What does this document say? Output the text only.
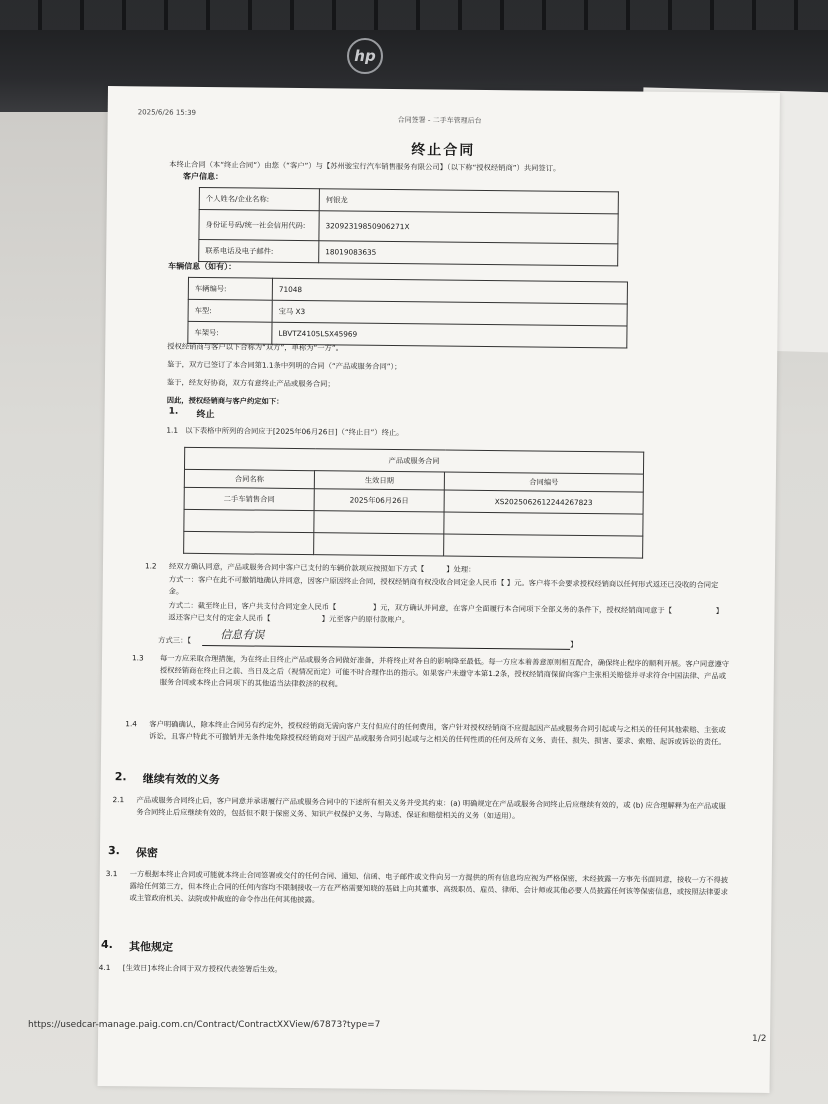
hp
2025/6/26 15:39
合同签署 - 二手车管理后台
终止合同
本终止合同（本“终止合同”）由您（“客户”）与【苏州骏宝行汽车销售服务有限公司】（以下称“授权经销商”）共同签订。
客户信息：
个人姓名/企业名称:	何银龙
身份证号码/统一社会信用代码:	320923198509062​71X
联系电话及电子邮件:	18019083635
车辆信息（如有）：
车辆编号:	71048
车型:	宝马 X3
车架号:	LBVTZ4105LSX45969
授权经销商与客户以下合称为“双方”，单称为“一方”。
鉴于，双方已签订了本合同第1.1条中列明的合同（“产品或服务合同”）；
鉴于，经友好协商，双方有意终止产品或服务合同；
因此，授权经销商与客户约定如下：
1. 终止
1.1　以下表格中所列的合同应于[2025年06月26日]（“终止日”）终止。
产品或服务合同		
合同名称	生效日期	合同编号
二手车销售合同	2025年06月26日	XS20250626122442678​23

1.2 经双方确认同意，产品或服务合同中客户已支付的车辆价款项应按照如下方式【　　　】处理：
方式一：客户在此不可撤销地确认并同意，因客户原因终止合同，授权经销商有权没收合同定金人民币【 】元。客户将不会要求授权经销商以任何形式返还已没收的合同定金。
方式二：截至终止日，客户共支付合同定金人民币【　　　　　】元，双方确认并同意，在客户全面履行本合同项下全部义务的条件下，授权经销商同意于【　　　　　　】返还客户已支付的定金人民币【　　　　　　　】元至客户的原付款账户。
方式三：【	信息有误
】
1.3 每一方应采取合理措施，为在终止日终止产品或服务合同做好准备，并将终止对各自的影响降至最低。每一方应本着善意原则相互配合，确保终止程序的顺利开展。客户同意遵守授权经销商在终止日之前、当日及之后（视情况而定）可能不时合理作出的指示。如果客户未遵守本第1.2条，授权经销商保留向客户主张相关赔偿并寻求符合中国法律、产品或服务合同或本终止合同项下的其他适当法律救济的权利。
1.4 客户明确确认，除本终止合同另有约定外，授权经销商无需向客户支付但应付的任何费用，客户针对授权经销商不应提起因产品或服务合同引起或与之相关的任何其他索赔、主张或诉讼，且客户特此不可撤销并无条件地免除授权经销商对于因产品或服务合同引起或与之相关的任何性质的任何及所有义务、责任、损失、损害、要求、索赔、起诉或诉讼的责任。
2. 继续有效的义务
2.1 产品或服务合同终止后，客户同意并承诺履行产品或服务合同中的下述所有相关义务并受其约束：(a) 明确规定在产品或服务合同终止后应继续有效的，或 (b) 应合理解释为在产品或服务合同终止后应继续有效的，包括但不限于保密义务、知识产权保护义务、与陈述、保证和赔偿相关的义务（如适用）。
3. 保密
3.1 一方根据本终止合同或可能就本终止合同签署或交付的任何合同、通知、信函、电子邮件或文件向另一方提供的所有信息均应视为严格保密，未经披露一方事先书面同意，接收一方不得披露给任何第三方，但本终止合同的任何内容均不限制接收一方在严格需要知晓的基础上向其董事、高级职员、雇员、律师、会计师或其他必要人员披露任何该等保密信息，或按照法律要求或主管政府机关、法院或仲裁庭的命令作出任何其他披露。
4. 其他规定
4.1 [生效日]本终止合同于双方授权代表签署后生效。
https://usedcar-manage.paig.com.cn/Contract/ContractXXView/67873?type=7
1/2
